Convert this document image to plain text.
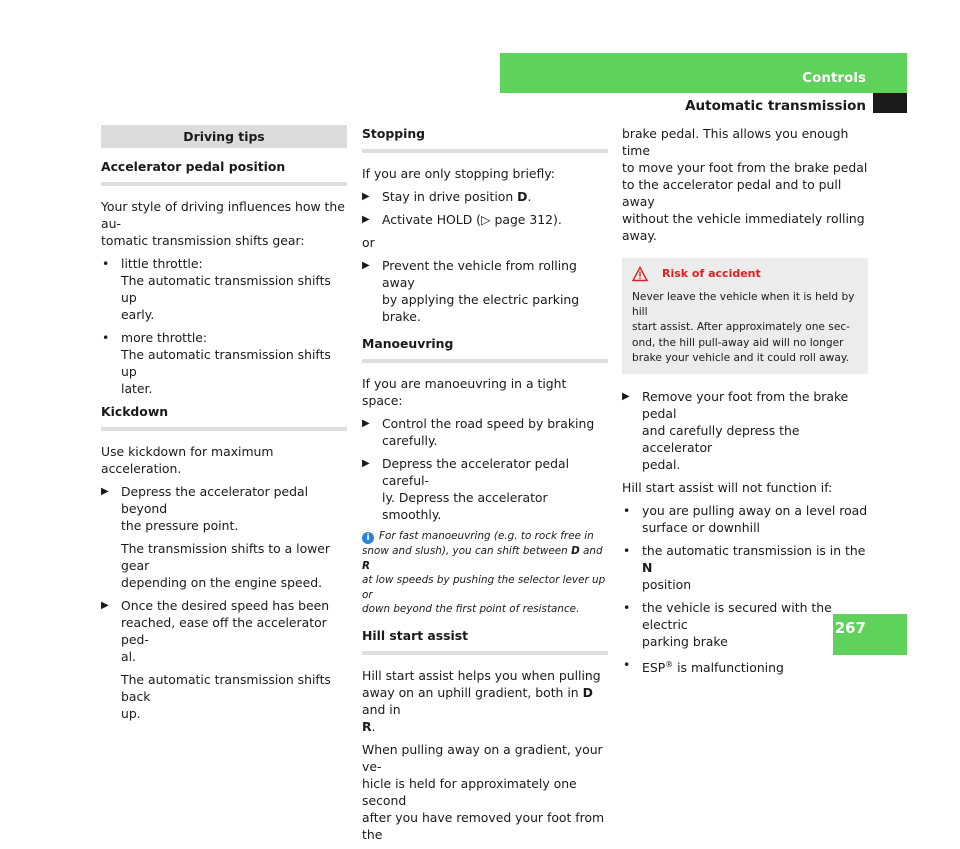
Controls
Automatic transmission
267
Driving tips
Accelerator pedal position

Your style of driving influences how the au-
tomatic transmission shifts gear:

• little throttle:
The automatic transmission shifts up
early.
• more throttle:
The automatic transmission shifts up
later.
Kickdown

Use kickdown for maximum acceleration.

▶ Depress the accelerator pedal beyond
the pressure point.

The transmission shifts to a lower gear
depending on the engine speed.

▶ Once the desired speed has been
reached, ease off the accelerator ped-
al.

The automatic transmission shifts back
up.

Stopping

If you are only stopping briefly:

▶ Stay in drive position D.
▶ Activate HOLD (▷ page 312).

or

▶ Prevent the vehicle from rolling away
by applying the electric parking brake.
Manoeuvring

If you are manoeuvring in a tight space:

▶ Control the road speed by braking
carefully.
▶ Depress the accelerator pedal careful-
ly. Depress the accelerator smoothly.
i For fast manoeuvring (e.g. to rock free in
snow and slush), you can shift between D and R
at low speeds by pushing the selector lever up or
down beyond the first point of resistance.
Hill start assist

Hill start assist helps you when pulling
away on an uphill gradient, both in D and in
R.

When pulling away on a gradient, your ve-
hicle is held for approximately one second
after you have removed your foot from the

brake pedal. This allows you enough time
to move your foot from the brake pedal
to the accelerator pedal and to pull away
without the vehicle immediately rolling
away.

Risk of accident
Never leave the vehicle when it is held by hill
start assist. After approximately one sec-
ond, the hill pull-away aid will no longer
brake your vehicle and it could roll away.
▶ Remove your foot from the brake pedal
and carefully depress the accelerator
pedal.

Hill start assist will not function if:

• you are pulling away on a level road
surface or downhill
• the automatic transmission is in the N
position
• the vehicle is secured with the electric
parking brake
• ESP® is malfunctioning
